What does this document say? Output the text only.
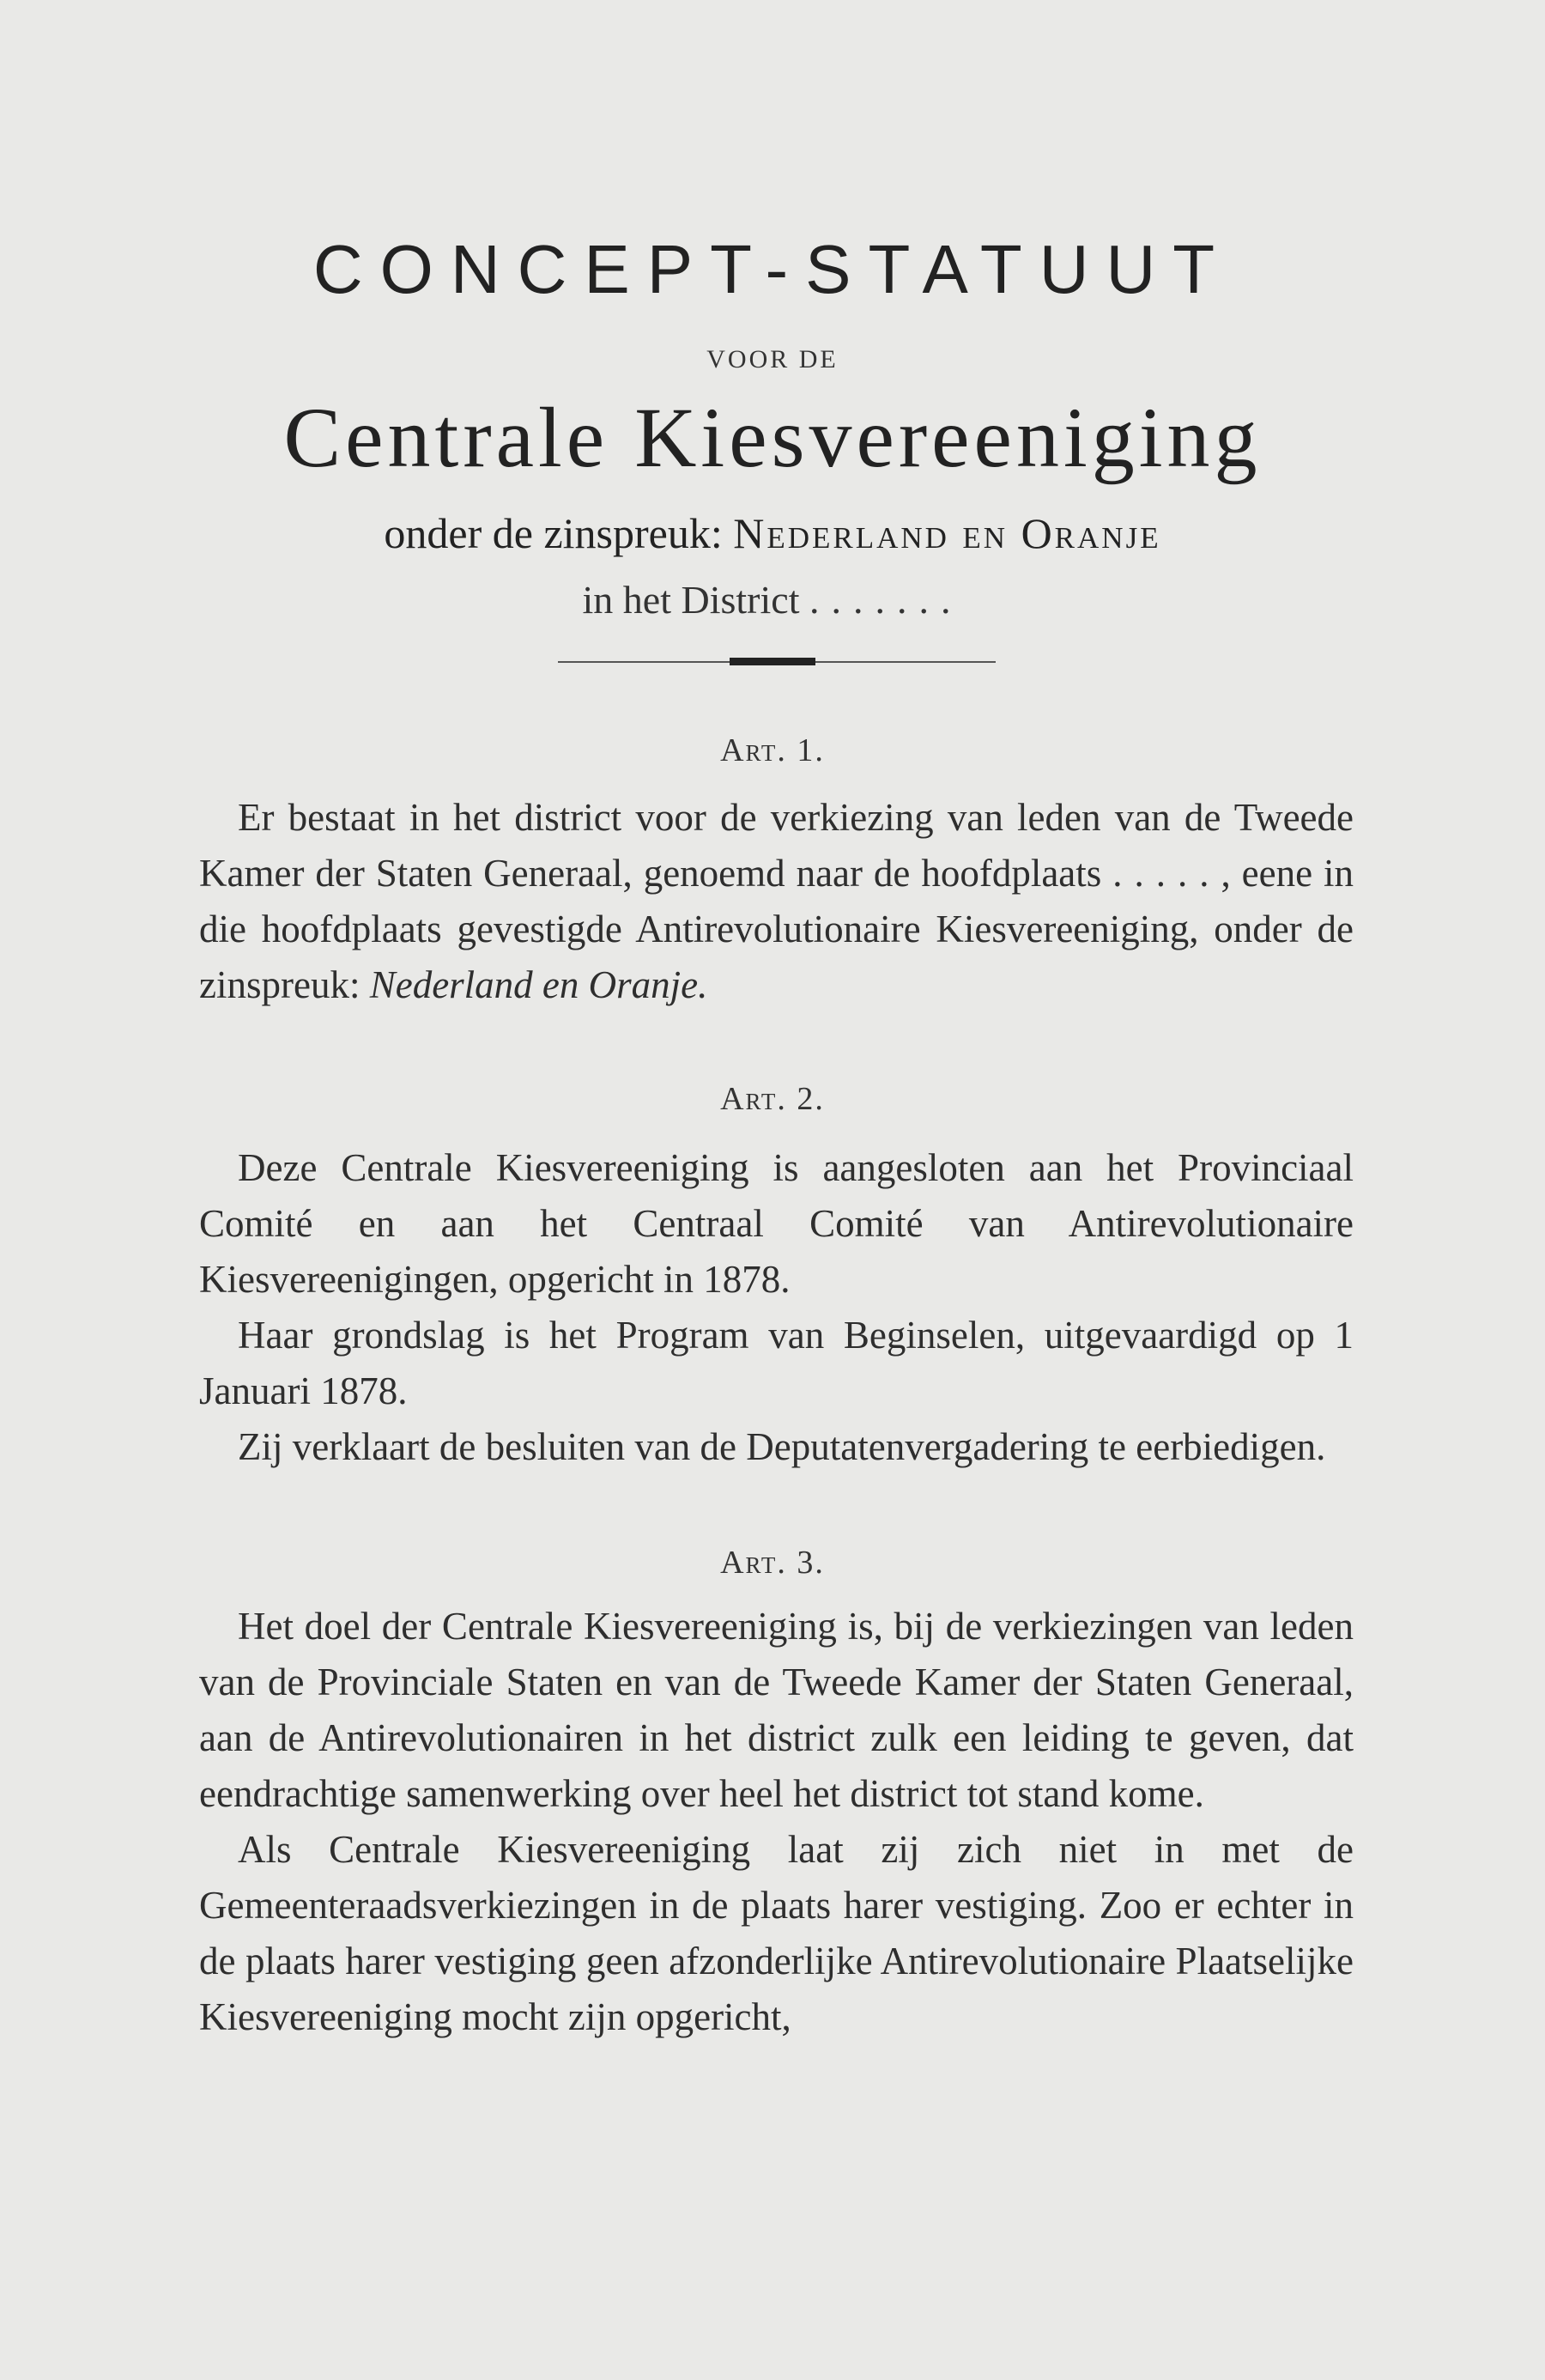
CONCEPT-STATUUT
VOOR DE
Centrale Kiesvereeniging
onder de zinspreuk: Nederland en Oranje
in het District .......
Art. 1.

Er bestaat in het district voor de verkiezing van leden van de Tweede Kamer der Staten Generaal, genoemd naar de hoofdplaats ....., eene in die hoofdplaats gevestigde Antirevolutionaire Kiesvereeniging, onder de zinspreuk: Nederland en Oranje.

Art. 2.

Deze Centrale Kiesvereeniging is aangesloten aan het Provinciaal Comité en aan het Centraal Comité van Antirevolutionaire Kiesvereenigingen, opgericht in 1878.

Haar grondslag is het Program van Beginselen, uitgevaardigd op 1 Januari 1878.

Zij verklaart de besluiten van de Deputatenvergadering te eerbiedigen.

Art. 3.

Het doel der Centrale Kiesvereeniging is, bij de verkiezingen van leden van de Provinciale Staten en van de Tweede Kamer der Staten Generaal, aan de Antirevolutionairen in het district zulk een leiding te geven, dat eendrachtige samenwerking over heel het district tot stand kome.

Als Centrale Kiesvereeniging laat zij zich niet in met de Gemeenteraadsverkiezingen in de plaats harer vestiging. Zoo er echter in de plaats harer vestiging geen afzonderlijke Antirevolutionaire Plaatselijke Kiesvereeniging mocht zijn opgericht,
